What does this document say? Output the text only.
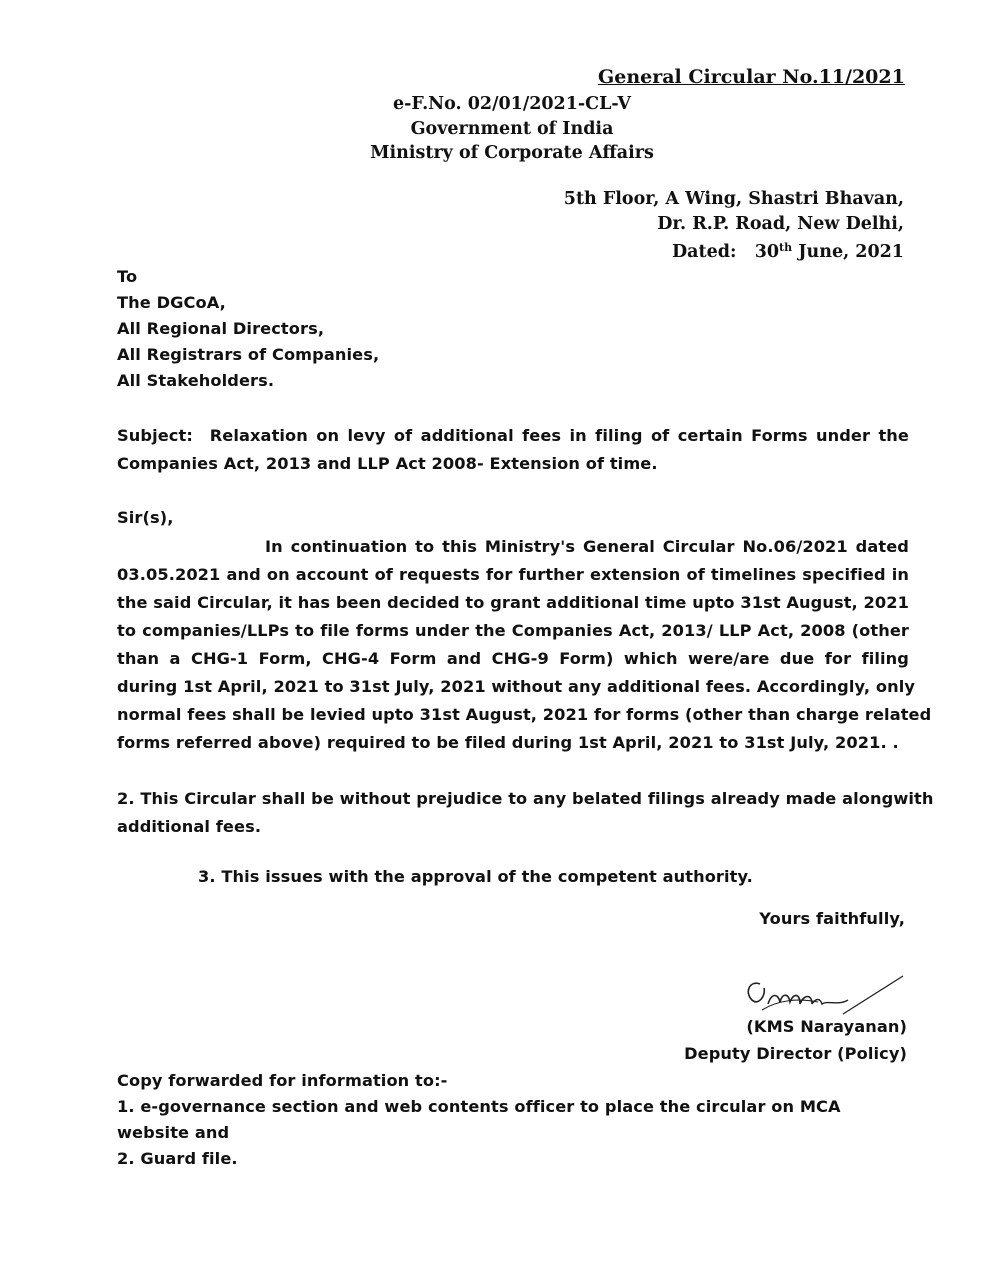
General Circular No.11/2021
e-F.No. 02/01/2021-CL-V
Government of India
Ministry of Corporate Affairs
5th Floor, A Wing, Shastri Bhavan,
Dr. R.P. Road, New Delhi,
Dated: 30th June, 2021
To
The DGCoA,
All Regional Directors,
All Registrars of Companies,
All Stakeholders.
Subject: Relaxation on levy of additional fees in filing of certain Forms under the
Companies Act, 2013 and LLP Act 2008- Extension of time.
Sir(s),
In continuation to this Ministry's General Circular No.06/2021 dated
03.05.2021 and on account of requests for further extension of timelines specified in
the said Circular, it has been decided to grant additional time upto 31st August, 2021
to companies/LLPs to file forms under the Companies Act, 2013/ LLP Act, 2008 (other
than a CHG-1 Form, CHG-4 Form and CHG-9 Form) which were/are due for filing
during 1st April, 2021 to 31st July, 2021 without any additional fees. Accordingly, only
normal fees shall be levied upto 31st August, 2021 for forms (other than charge related
forms referred above) required to be filed during 1st April, 2021 to 31st July, 2021. .
2. This Circular shall be without prejudice to any belated filings already made alongwith
additional fees.
3. This issues with the approval of the competent authority.
Yours faithfully,
(KMS Narayanan)
Deputy Director (Policy)
Copy forwarded for information to:-
1. e-governance section and web contents officer to place the circular on MCA
website and
2. Guard file.
